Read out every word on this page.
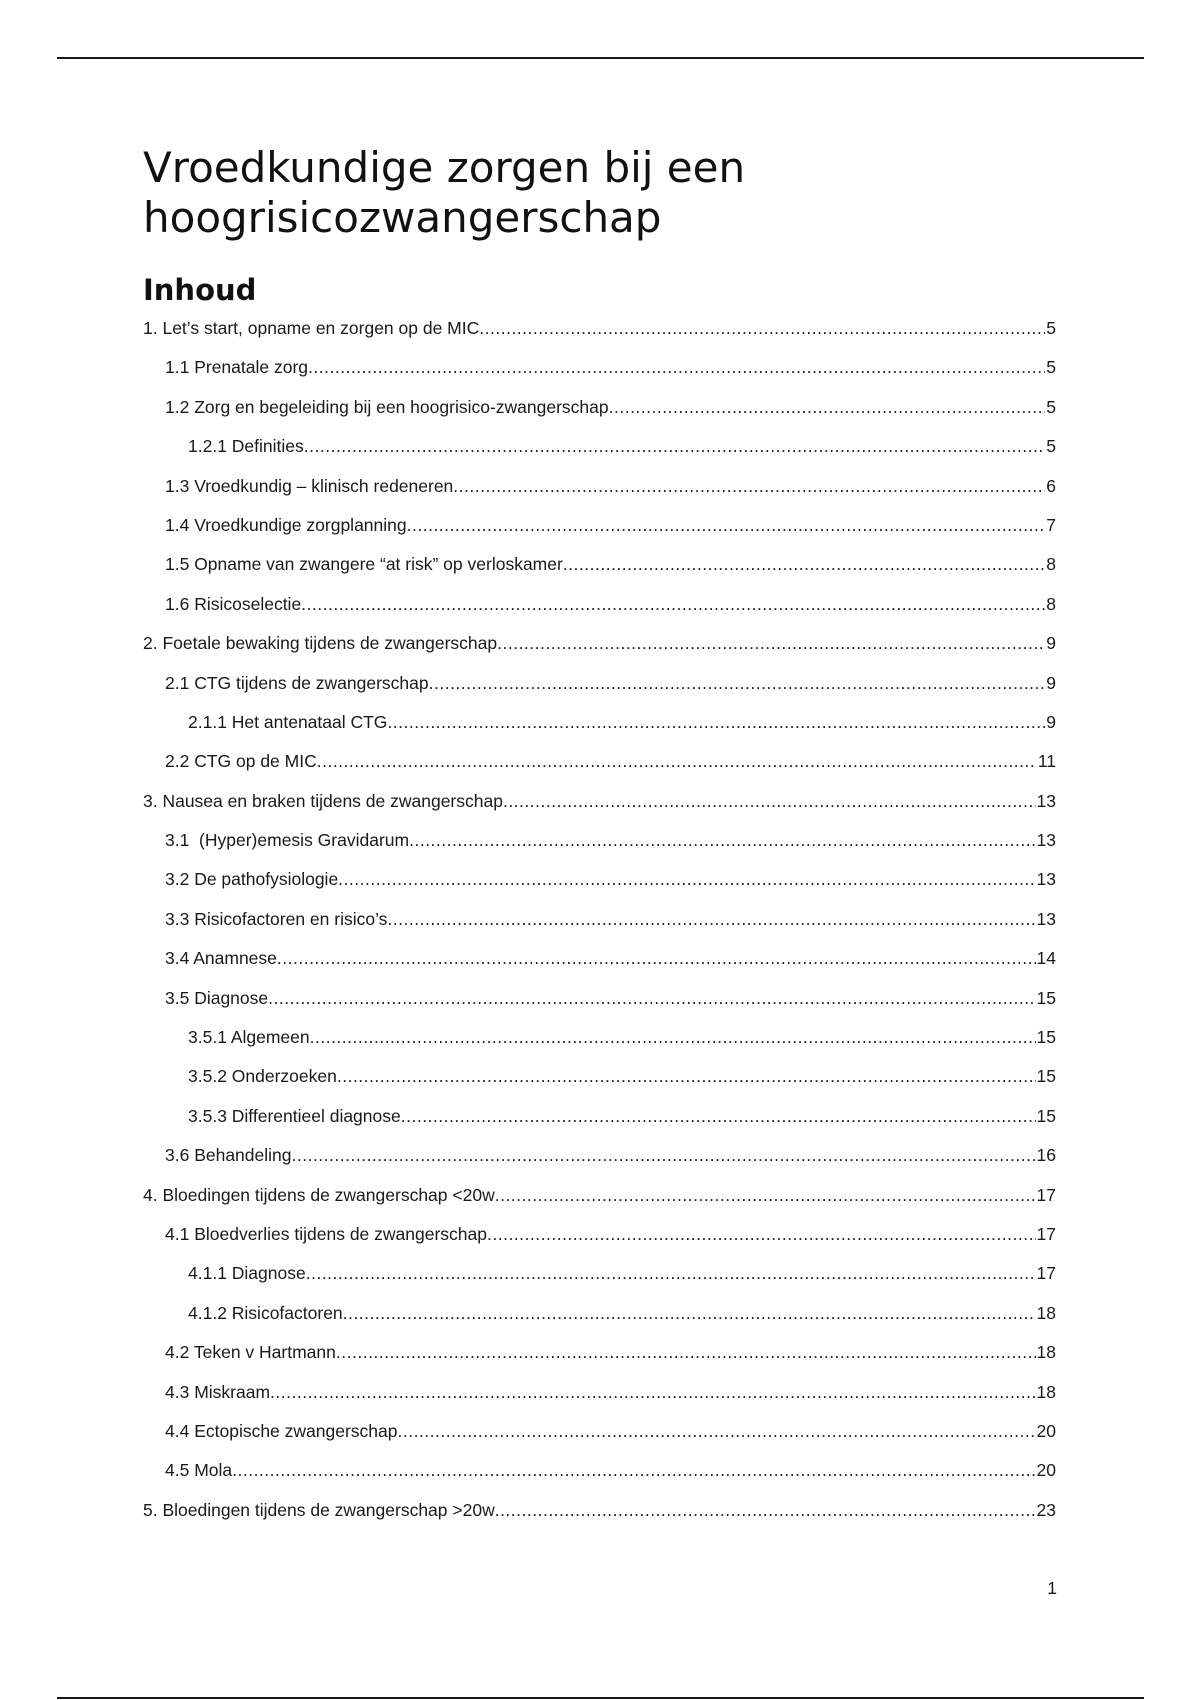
Vroedkundige zorgen bij een hoogrisicozwangerschap
Inhoud
1. Let’s start, opname en zorgen op de MIC .....	5
1.1 Prenatale zorg .....	5
1.2 Zorg en begeleiding bij een hoogrisico-zwangerschap .....	5
1.2.1 Definities .....	5
1.3 Vroedkundig – klinisch redeneren .....	6
1.4 Vroedkundige zorgplanning .....	7
1.5 Opname van zwangere “at risk” op verloskamer .....	8
1.6 Risicoselectie .....	8
2. Foetale bewaking tijdens de zwangerschap .....	9
2.1 CTG tijdens de zwangerschap .....	9
2.1.1 Het antenataal CTG .....	9
2.2 CTG op de MIC .....	11
3. Nausea en braken tijdens de zwangerschap .....	13
3.1  (Hyper)emesis Gravidarum .....	13
3.2 De pathofysiologie .....	13
3.3 Risicofactoren en risico’s .....	13
3.4 Anamnese .....	14
3.5 Diagnose .....	15
3.5.1 Algemeen .....	15
3.5.2 Onderzoeken .....	15
3.5.3 Differentieel diagnose .....	15
3.6 Behandeling .....	16
4. Bloedingen tijdens de zwangerschap <20w .....	17
4.1 Bloedverlies tijdens de zwangerschap .....	17
4.1.1 Diagnose .....	17
4.1.2 Risicofactoren .....	18
4.2 Teken v Hartmann .....	18
4.3 Miskraam .....	18
4.4 Ectopische zwangerschap .....	20
4.5 Mola .....	20
5. Bloedingen tijdens de zwangerschap >20w .....	23
1
